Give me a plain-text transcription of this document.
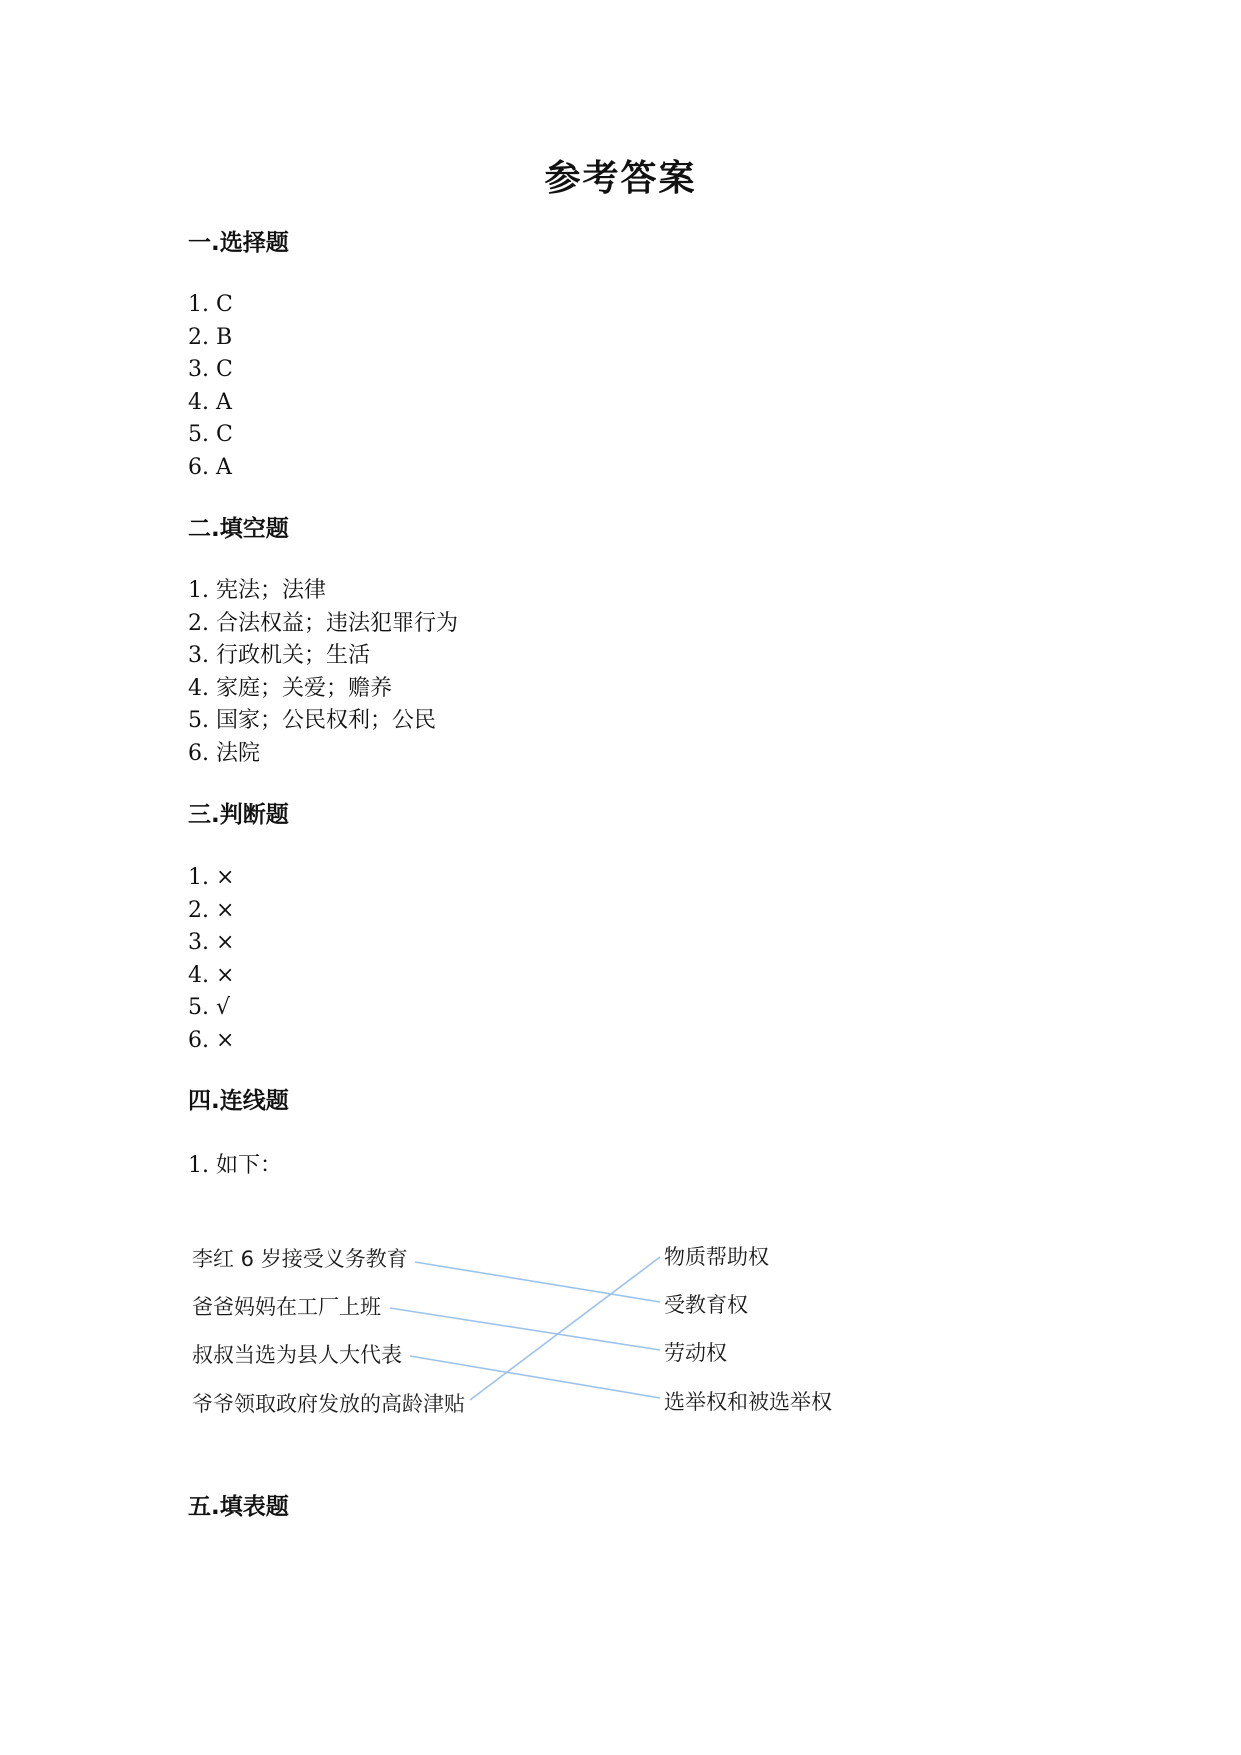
参考答案
一.选择题
1. C
2. B
3. C
4. A
5. C
6. A
二.填空题
1. 宪法；法律
2. 合法权益；违法犯罪行为
3. 行政机关；生活
4. 家庭；关爱；赡养
5. 国家；公民权利；公民
6. 法院
三.判断题
1. ×
2. ×
3. ×
4. ×
5. √
6. ×
四.连线题
1. 如下：
李红 6 岁接受义务教育
爸爸妈妈在工厂上班
叔叔当选为县人大代表
爷爷领取政府发放的高龄津贴
物质帮助权
受教育权
劳动权
选举权和被选举权
五.填表题
